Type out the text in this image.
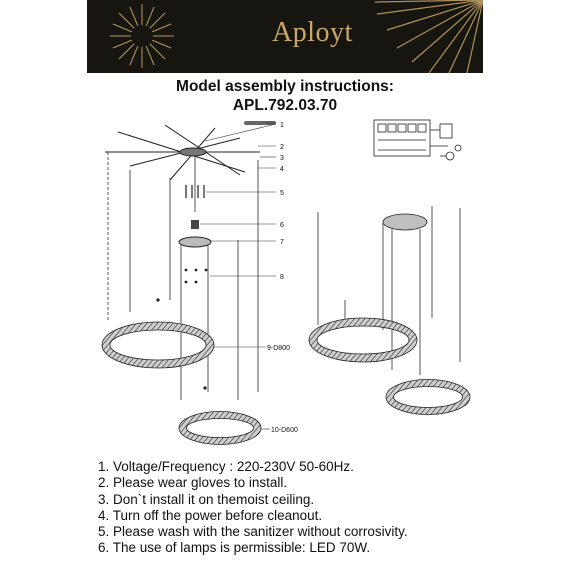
Aployt
Model assembly instructions:
APL.792.03.70
1
2
3
4
5
6
7
8
9-D800
10-D600
1. Voltage/Frequency : 220-230V 50-60Hz.
2. Please wear gloves to install.
3. Don`t install it on themoist ceiling.
4. Turn off the power before cleanout.
5. Please wash with the sanitizer without corrosivity.
6. The use of lamps is permissible: LED 70W.
